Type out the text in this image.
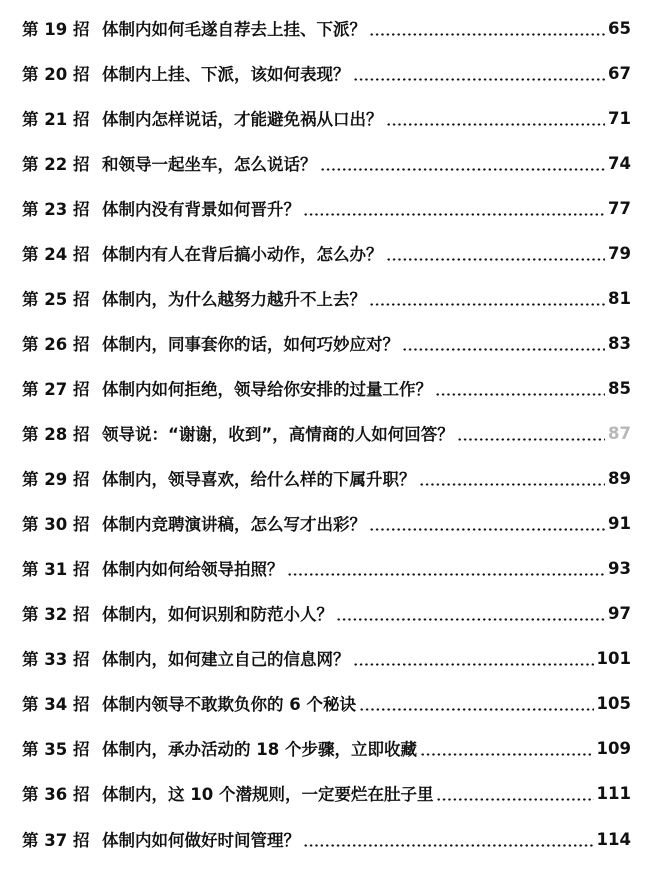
第 19 招 体制内如何毛遂自荐去上挂、下派？	65
第 20 招 体制内上挂、下派，该如何表现？	67
第 21 招 体制内怎样说话，才能避免祸从口出？	71
第 22 招 和领导一起坐车，怎么说话？	74
第 23 招 体制内没有背景如何晋升？	77
第 24 招 体制内有人在背后搞小动作，怎么办？	79
第 25 招 体制内，为什么越努力越升不上去？	81
第 26 招 体制内，同事套你的话，如何巧妙应对？	83
第 27 招 体制内如何拒绝，领导给你安排的过量工作？	85
第 28 招 领导说：“谢谢，收到”，高情商的人如何回答？	87
第 29 招 体制内，领导喜欢，给什么样的下属升职？	89
第 30 招 体制内竞聘演讲稿，怎么写才出彩？	91
第 31 招 体制内如何给领导拍照？	93
第 32 招 体制内，如何识别和防范小人？	97
第 33 招 体制内，如何建立自己的信息网？	101
第 34 招 体制内领导不敢欺负你的 6 个秘诀	105
第 35 招 体制内，承办活动的 18 个步骤，立即收藏	109
第 36 招 体制内，这 10 个潜规则，一定要烂在肚子里	111
第 37 招 体制内如何做好时间管理？	114
